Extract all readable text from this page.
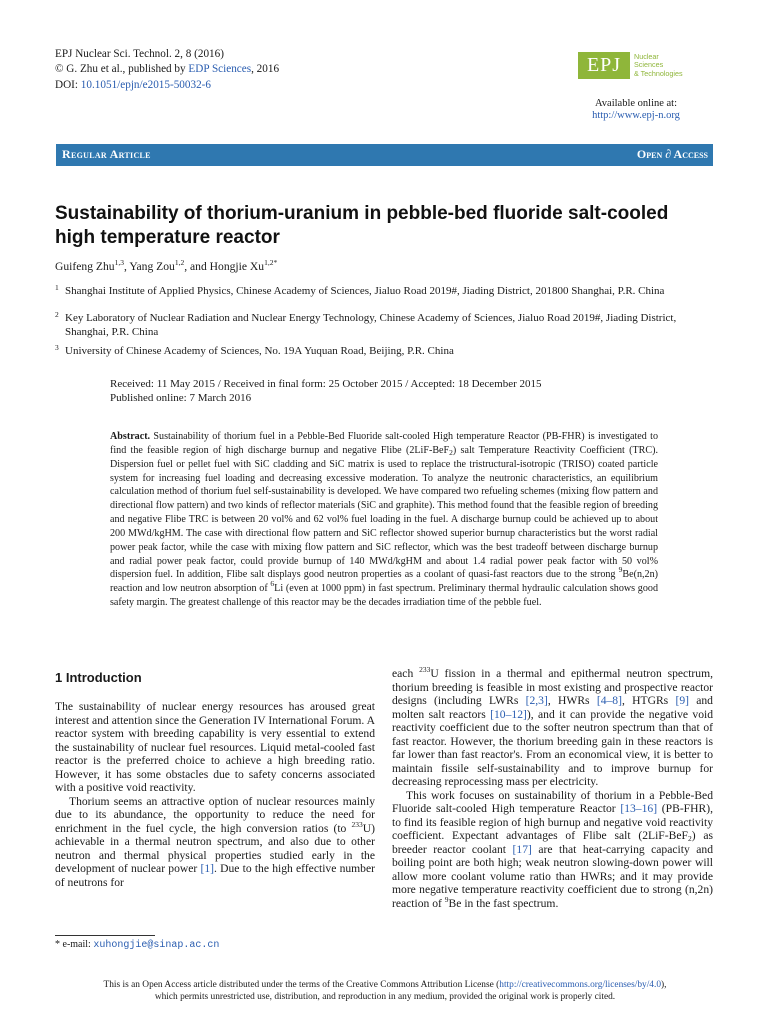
EPJ Nuclear Sci. Technol. 2, 8 (2016)
© G. Zhu et al., published by EDP Sciences, 2016
DOI: 10.1051/epjn/e2015-50032-6
EPJ	Nuclear
Sciences
& Technologies
Available online at:
http://www.epj-n.org
Regular Article	Open ∂ Access
Sustainability of thorium-uranium in pebble-bed fluoride salt-cooled high temperature reactor
Guifeng Zhu$^{1,3}$, Yang Zou$^{1,2}$, and Hongjie $Xu^{1,2*}$
1 Shanghai Institute of Applied Physics, Chinese Academy of Sciences, Jialuo Road 2019#, Jiading District, 201800 Shanghai, P.R. China
2 Key Laboratory of Nuclear Radiation and Nuclear Energy Technology, Chinese Academy of Sciences, Jialuo Road 2019#, Jiading District, Shanghai, P.R. China
3 University of Chinese Academy of Sciences, No. 19A Yuquan Road, Beijing, P.R. China
Received: 11 May 2015 / Received in final form: 25 October 2015 / Accepted: 18 December 2015
Published online: 7 March 2016
Abstract. Sustainability of thorium fuel in a Pebble-Bed Fluoride salt-cooled High temperature Reactor (PB-FHR) is investigated to find the feasible region of high discharge burnup and negative Flibe (2LiF-BeF$_2$) salt Temperature Reactivity Coefficient (TRC). Dispersion fuel or pellet fuel with SiC cladding and SiC matrix is used to replace the tristructural-isotropic (TRISO) coated particle system for increasing fuel loading and decreasing excessive moderation. To analyze the neutronic characteristics, an equilibrium calculation method of thorium fuel self-sustainability is developed. We have compared two refueling schemes (mixing flow pattern and directional flow pattern) and two kinds of reflector materials (SiC and graphite). This method found that the feasible region of breeding and negative Flibe TRC is between 20 vol% and 62 vol% fuel loading in the fuel. A discharge burnup could be achieved up to about 200 MWd/kgHM. The case with directional flow pattern and SiC reflector showed superior burnup characteristics but the worst radial power peak factor, while the case with mixing flow pattern and SiC reflector, which was the best tradeoff between discharge burnup and radial power peak factor, could provide burnup of 140 MWd/kgHM and about 1.4 radial power peak factor with 50 vol% dispersion fuel. In addition, Flibe salt displays good neutron properties as a coolant of quasi-fast reactors due to the strong $^9$Be(n,2n) reaction and low neutron absorption of $^6$Li (even at 1000 ppm) in fast spectrum. Preliminary thermal hydraulic calculation shows good safety margin. The greatest challenge of this reactor may be the decades irradiation time of the pebble fuel.
1 Introduction

The sustainability of nuclear energy resources has aroused great interest and attention since the Generation IV International Forum. A reactor system with breeding capability is very essential to extend the sustainability of nuclear fuel resources. Liquid metal-cooled fast reactor is the preferred choice to achieve a high breeding ratio. However, it has some obstacles due to safety concerns associated with a positive void reactivity.

Thorium seems an attractive option of nuclear resources mainly due to its abundance, the opportunity to reduce the need for enrichment in the fuel cycle, the high conversion ratios (to $^{233}$U) achievable in a thermal neutron spectrum, and also due to other neutron and thermal physical properties studied early in the development of nuclear power [1]. Due to the high effective number of neutrons for

each $^{233}$U fission in a thermal and epithermal neutron spectrum, thorium breeding is feasible in most existing and prospective reactor designs (including LWRs [2,3], HWRs [4–8], HTGRs [9] and molten salt reactors [10–12]), and it can provide the negative void reactivity coefficient due to the softer neutron spectrum than that of fast reactor. However, the thorium breeding gain in these reactors is far lower than fast reactor's. From an economical view, it is better to maintain fissile self-sustainability and to improve burnup for decreasing reprocessing mass per electricity.

This work focuses on sustainability of thorium in a Pebble-Bed Fluoride salt-cooled High temperature Reactor [13–16] (PB-FHR), to find its feasible region of high burnup and negative void reactivity coefficient. Expectant advantages of Flibe salt (2LiF-BeF$_2$) as breeder reactor coolant [17] are that heat-carrying capacity and boiling point are both high; weak neutron slowing-down power will allow more coolant volume ratio than HWRs; and it may provide more negative temperature reactivity coefficient due to strong (n,2n) reaction of $^9$Be in the fast spectrum.

* e-mail: xuhongjie@sinap.ac.cn
This is an Open Access article distributed under the terms of the Creative Commons Attribution License (http://creativecommons.org/licenses/by/4.0),
which permits unrestricted use, distribution, and reproduction in any medium, provided the original work is properly cited.
